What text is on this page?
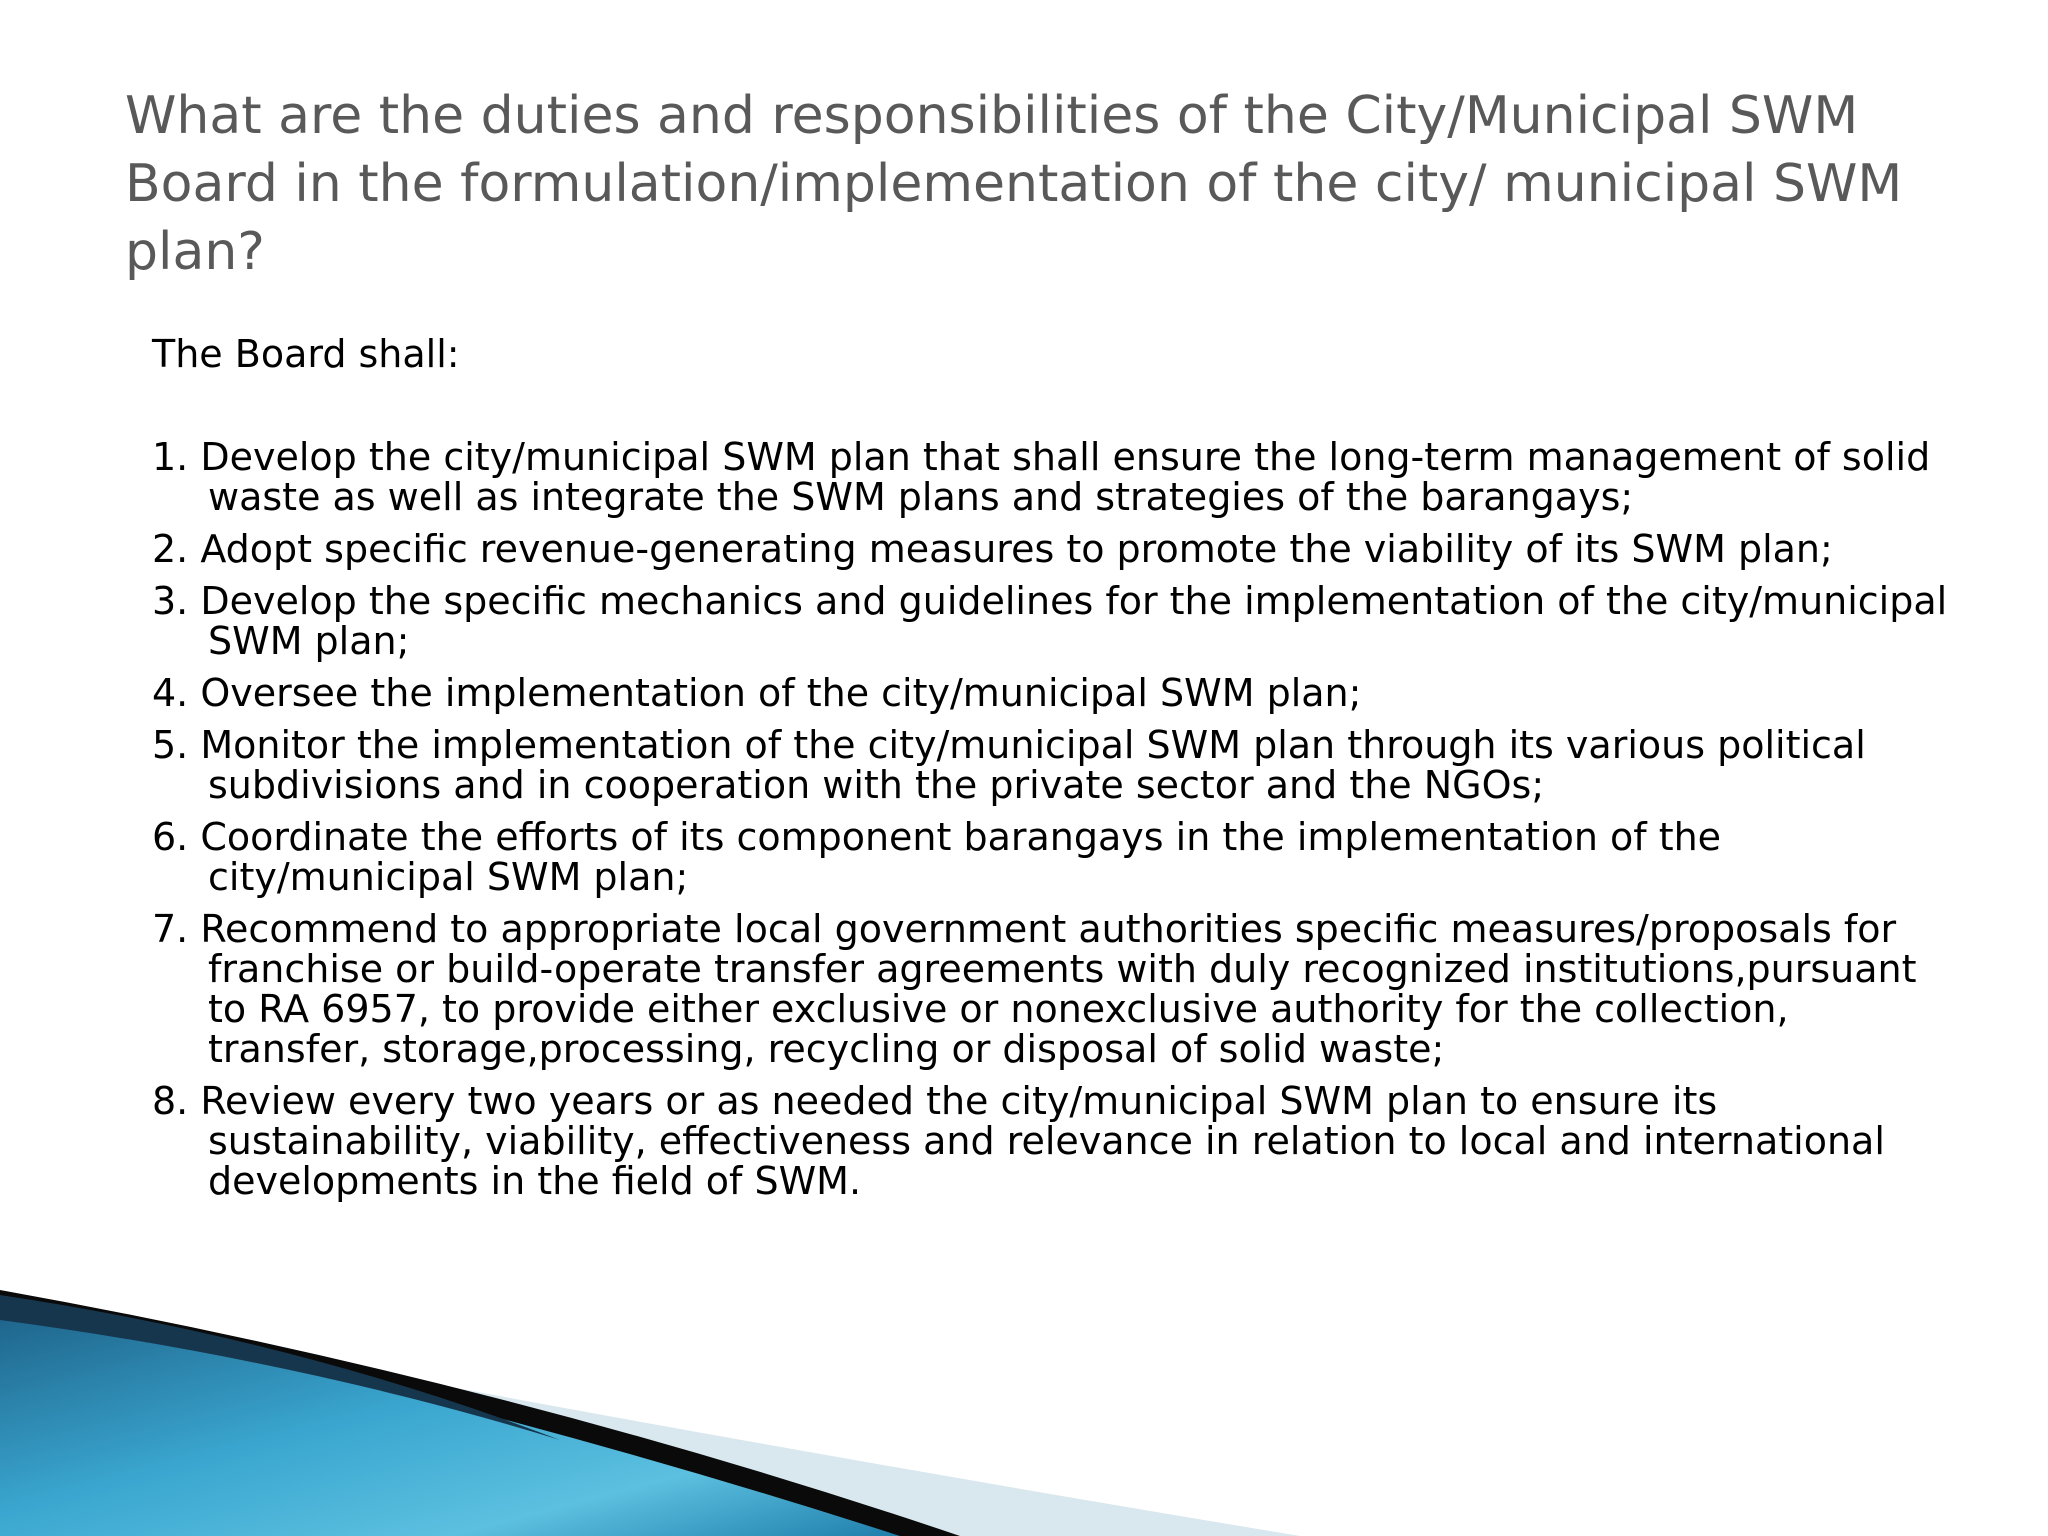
What are the duties and responsibilities of the City/Municipal SWM Board in the formulation/implementation of the city/ municipal SWM plan?

The Board shall:

1. Develop the city/municipal SWM plan that shall ensure the long-term management of solid waste as well as integrate the SWM plans and strategies of the barangays;
2. Adopt specific revenue-generating measures to promote the viability of its SWM plan;
3. Develop the specific mechanics and guidelines for the implementation of the city/municipal SWM plan;
4. Oversee the implementation of the city/municipal SWM plan;
5. Monitor the implementation of the city/municipal SWM plan through its various political subdivisions and in cooperation with the private sector and the NGOs;
6. Coordinate the efforts of its component barangays in the implementation of the city/municipal SWM plan;
7. Recommend to appropriate local government authorities specific measures/proposals for franchise or build-operate transfer agreements with duly recognized institutions,pursuant to RA 6957, to provide either exclusive or nonexclusive authority for the collection, transfer, storage,processing, recycling or disposal of solid waste;
8. Review every two years or as needed the city/municipal SWM plan to ensure its sustainability, viability, effectiveness and relevance in relation to local and international developments in the field of SWM.
